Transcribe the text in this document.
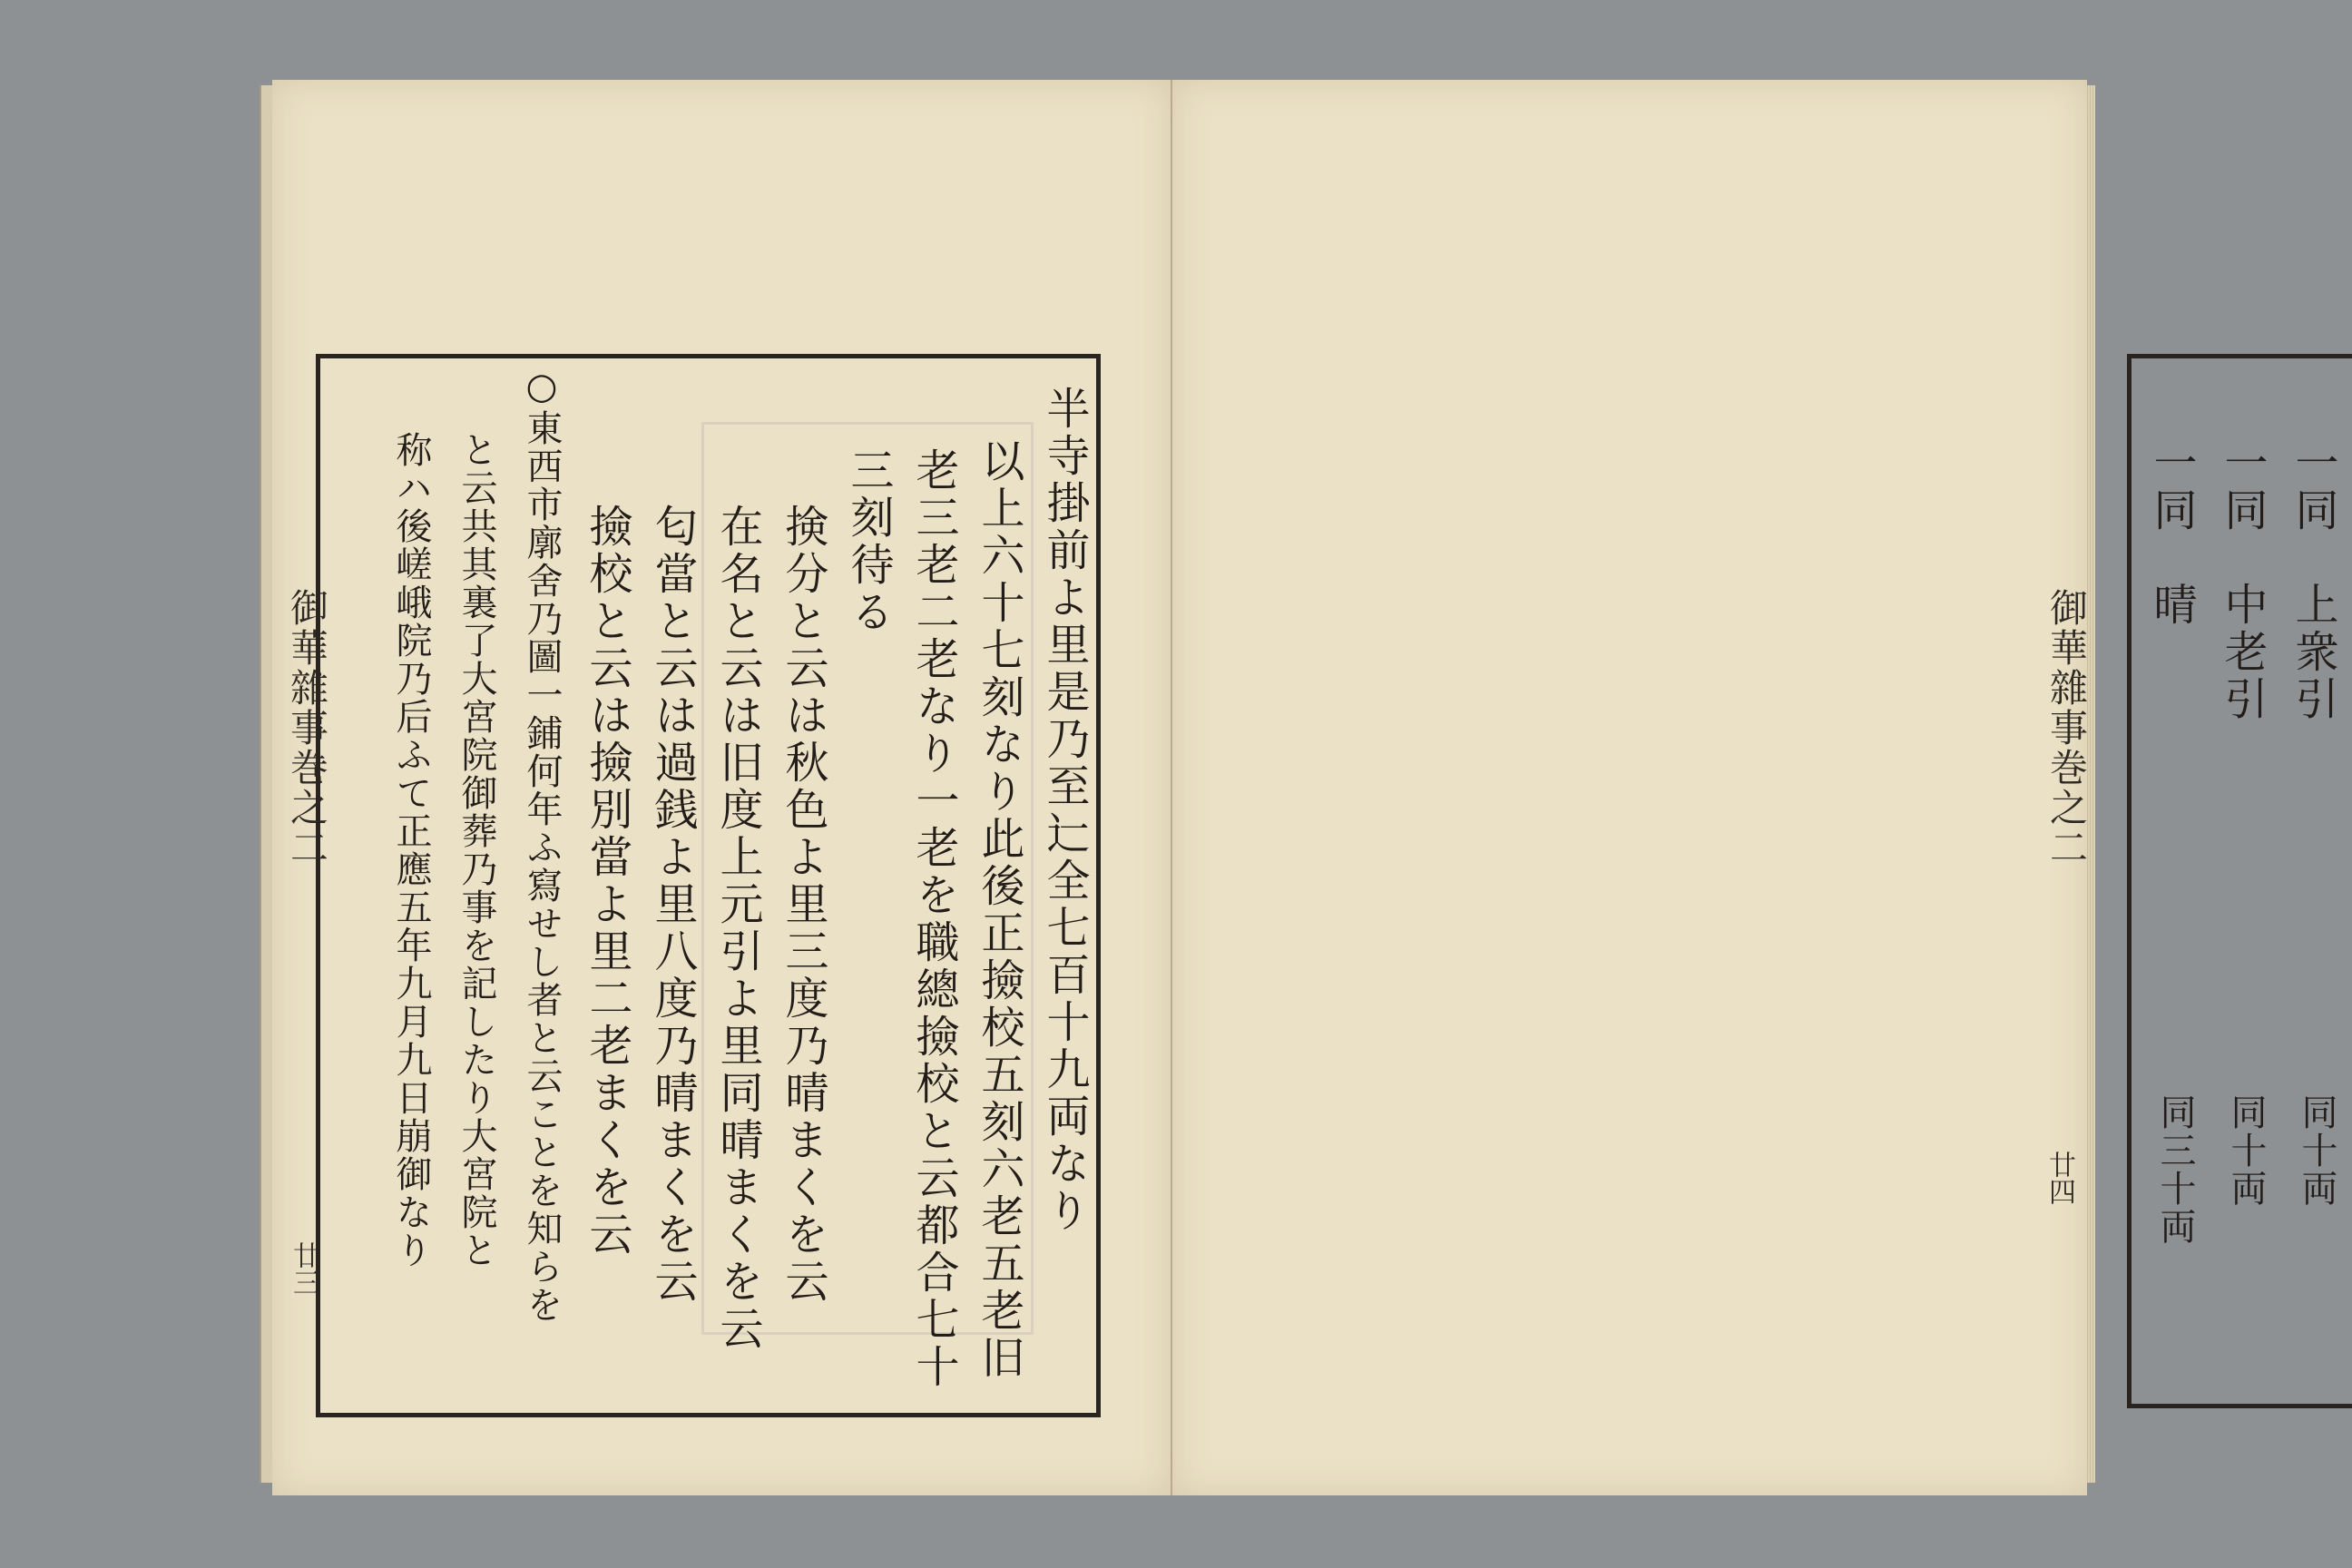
御華雜事巻之二
廿三
半寺掛前よ里是乃至辷全七百十九両なり
以上六十七刻なり此後正撿校五刻六老五老旧
老三老二老なり一老を職總撿校と云都合七十
三刻待る
𢮦分と云は秋色よ里三度乃晴まくを云
在名と云は旧度上元引よ里同晴まくを云
匂當と云は過銭よ里八度乃晴まくを云
撿校と云は撿別當よ里二老まくを云
○東西市廓舍乃圖一鋪何年ふ寫せし者と云ことを知らを
と云共其裏了大宮院御葬乃事を記したり大宮院と
称ハ後嵯峨院乃后ふて正應五年九月九日崩御なり	御華雜事巻之二
廿四
一同　上衆引
同十両
一同　中老引
同十両
一同　晴
同三十両
